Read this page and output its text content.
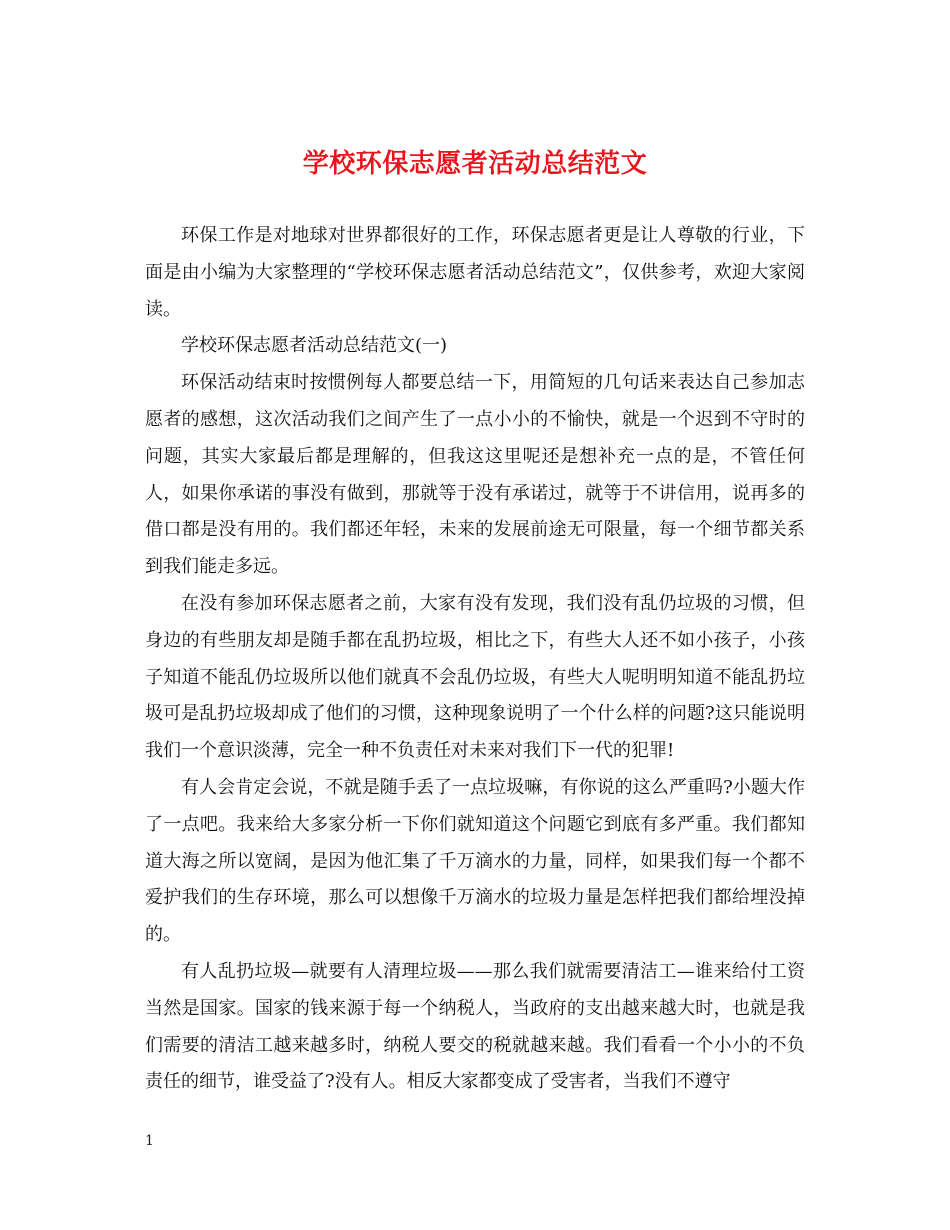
学校环保志愿者活动总结范文

环保工作是对地球对世界都很好的工作，环保志愿者更是让人尊敬的行业，下面是由小编为大家整理的“学校环保志愿者活动总结范文”，仅供参考，欢迎大家阅读。

学校环保志愿者活动总结范文(一)

环保活动结束时按惯例每人都要总结一下，用简短的几句话来表达自己参加志愿者的感想，这次活动我们之间产生了一点小小的不愉快，就是一个迟到不守时的问题，其实大家最后都是理解的，但我这这里呢还是想补充一点的是，不管任何人，如果你承诺的事没有做到，那就等于没有承诺过，就等于不讲信用，说再多的借口都是没有用的。我们都还年轻，未来的发展前途无可限量，每一个细节都关系到我们能走多远。

在没有参加环保志愿者之前，大家有没有发现，我们没有乱仍垃圾的习惯，但身边的有些朋友却是随手都在乱扔垃圾，相比之下，有些大人还不如小孩子，小孩子知道不能乱仍垃圾所以他们就真不会乱仍垃圾，有些大人呢明明知道不能乱扔垃圾可是乱扔垃圾却成了他们的习惯，这种现象说明了一个什么样的问题?这只能说明我们一个意识淡薄，完全一种不负责任对未来对我们下一代的犯罪!

有人会肯定会说，不就是随手丢了一点垃圾嘛，有你说的这么严重吗?小题大作了一点吧。我来给大多家分析一下你们就知道这个问题它到底有多严重。我们都知道大海之所以宽阔，是因为他汇集了千万滴水的力量，同样，如果我们每一个都不爱护我们的生存环境，那么可以想像千万滴水的垃圾力量是怎样把我们都给埋没掉的。

有人乱扔垃圾—就要有人清理垃圾——那么我们就需要清洁工—谁来给付工资当然是国家。国家的钱来源于每一个纳税人，当政府的支出越来越大时，也就是我们需要的清洁工越来越多时，纳税人要交的税就越来越。我们看看一个小小的不负责任的细节，谁受益了?没有人。相反大家都变成了受害者，当我们不遵守

1
